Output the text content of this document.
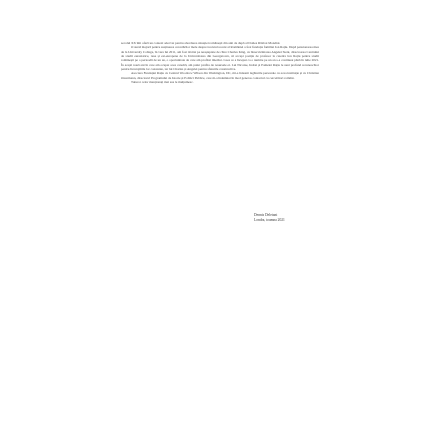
secolul XX îmi oferă un context adecvat pentru abordarea situației românești din anii de după al Doilea Război Mondial.

O sursă majoră pentru susținerea cercetărilor mele despre trecutul recent al României a fost fundația familiei Ion Rațiu. După pensionarea mea de la University College, în vara lui 2011, am fost invitat pe neașteptate de către Charles King, cu binecuvântarea Angelei Stent, directoarea Centrului de studii eurasiatice, ruse și est-europene de la Universitatea din Georgetown, să accept poziția de profesor la catedra Ion Rațiu pentru studii românești pe o perioadă de un an, o oportunitate de care am profitat imediat. Ceea ce a început ca o numire pe un an s-a continuat până în iulie 2021. În acești nouă ani în care am ocupat acea catedră, am putut profita de resursele ei. Lui Nicolae, Indrei și Pamelei Rațiu le sunt profund recunoscător pentru încurajările lor constante, iar lui Charles și Angelei pentru sfaturile constructive.

Asociera Fundației Rațiu cu Centrul Woodrow Wilson din Washington, DC, mi-a înlesnit legăturile personale cu acea instituție și cu Christian Ostermann, directorul Programului de Istorie și Politici Publice, care m-a îndemnat în mod generos contactul cu cercetători români.

Tuturor celor menționați mai sus le mulțumesc.

Dennis Deletant
Londra, toamna 2021
